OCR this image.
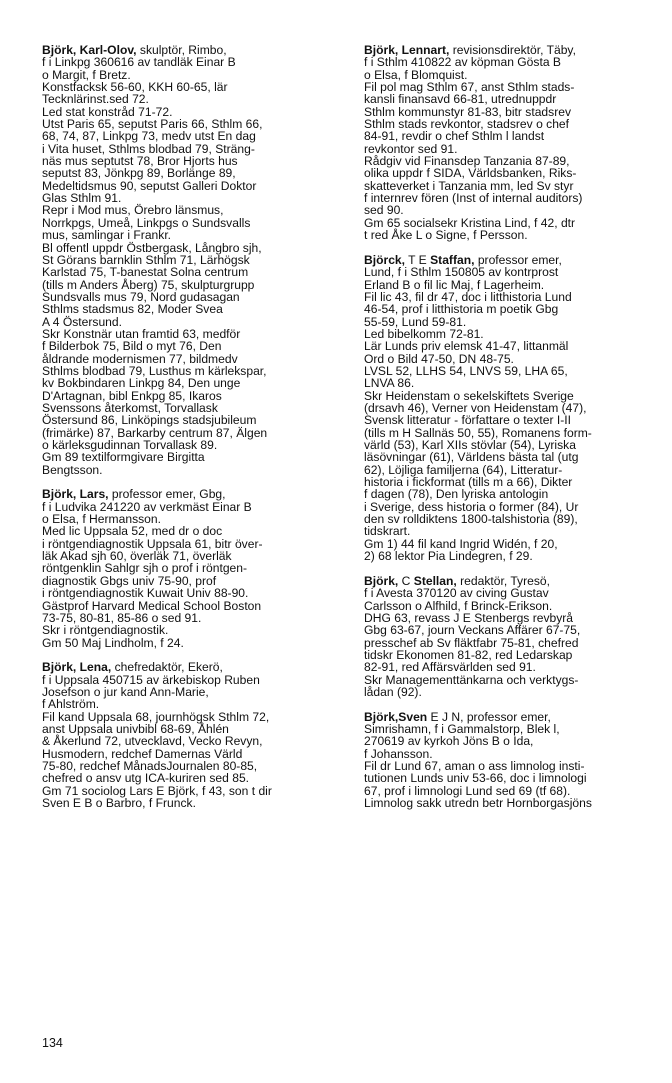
Björk, Karl-Olov, skulptör, Rimbo,
f i Linkpg 360616 av tandläk Einar B
o Margit, f Bretz.
Konstfacksk 56-60, KKH 60-65, lär
Tecknlärinst.sed 72.
Led stat konstråd 71-72.
Utst Paris 65, seputst Paris 66, Sthlm 66,
68, 74, 87, Linkpg 73, medv utst En dag
i Vita huset, Sthlms blodbad 79, Sträng-
näs mus septutst 78, Bror Hjorts hus
seputst 83, Jönkpg 89, Borlänge 89,
Medeltidsmus 90, seputst Galleri Doktor
Glas Sthlm 91.
Repr i Mod mus, Örebro länsmus,
Norrkpgs, Umeå, Linkpgs o Sundsvalls
mus, samlingar i Frankr.
Bl offentl uppdr Östbergask, Långbro sjh,
St Görans barnklin Sthlm 71, Lärhögsk
Karlstad 75, T-banestat Solna centrum
(tills m Anders Åberg) 75, skulpturgrupp
Sundsvalls mus 79, Nord gudasagan
Sthlms stadsmus 82, Moder Svea
A 4 Östersund.
Skr Konstnär utan framtid 63, medför
f Bilderbok 75, Bild o myt 76, Den
åldrande modernismen 77, bildmedv
Sthlms blodbad 79, Lusthus m kärlekspar,
kv Bokbindaren Linkpg 84, Den unge
D'Artagnan, bibl Enkpg 85, Ikaros
Svenssons återkomst, Torvallask
Östersund 86, Linköpings stadsjubileum
(frimärke) 87, Barkarby centrum 87, Älgen
o kärleksgudinnan Torvallask 89.
Gm 89 textilformgivare Birgitta
Bengtsson.
Björk, Lars, professor emer, Gbg,
f i Ludvika 241220 av verkmäst Einar B
o Elsa, f Hermansson.
Med lic Uppsala 52, med dr o doc
i röntgendiagnostik Uppsala 61, bitr över-
läk Akad sjh 60, överläk 71, överläk
röntgenklin Sahlgr sjh o prof i röntgen-
diagnostik Gbgs univ 75-90, prof
i röntgendiagnostik Kuwait Univ 88-90.
Gästprof Harvard Medical School Boston
73-75, 80-81, 85-86 o sed 91.
Skr i röntgendiagnostik.
Gm 50 Maj Lindholm, f 24.
Björk, Lena, chefredaktör, Ekerö,
f i Uppsala 450715 av ärkebiskop Ruben
Josefson o jur kand Ann-Marie,
f Ahlström.
Fil kand Uppsala 68, journhögsk Sthlm 72,
anst Uppsala univbibl 68-69, Åhlén
& Åkerlund 72, utvecklavd, Vecko Revyn,
Husmodern, redchef Damernas Värld
75-80, redchef MånadsJournalen 80-85,
chefred o ansv utg ICA-kuriren sed 85.
Gm 71 sociolog Lars E Björk, f 43, son t dir
Sven E B o Barbro, f Frunck.
Björk, Lennart, revisionsdirektör, Täby,
f i Sthlm 410822 av köpman Gösta B
o Elsa, f Blomquist.
Fil pol mag Sthlm 67, anst Sthlm stads-
kansli finansavd 66-81, utrednuppdr
Sthlm kommunstyr 81-83, bitr stadsrev
Sthlm stads revkontor, stadsrev o chef
84-91, revdir o chef Sthlm l landst
revkontor sed 91.
Rådgiv vid Finansdep Tanzania 87-89,
olika uppdr f SIDA, Världsbanken, Riks-
skatteverket i Tanzania mm, led Sv styr
f internrev fören (Inst of internal auditors)
sed 90.
Gm 65 socialsekr Kristina Lind, f 42, dtr
t red Åke L o Signe, f Persson.
Björck, T E Staffan, professor emer,
Lund, f i Sthlm 150805 av kontrprost
Erland B o fil lic Maj, f Lagerheim.
Fil lic 43, fil dr 47, doc i litthistoria Lund
46-54, prof i litthistoria m poetik Gbg
55-59, Lund 59-81.
Led bibelkomm 72-81.
Lär Lunds priv elemsk 41-47, littanmäl
Ord o Bild 47-50, DN 48-75.
LVSL 52, LLHS 54, LNVS 59, LHA 65,
LNVA 86.
Skr Heidenstam o sekelskiftets Sverige
(drsavh 46), Verner von Heidenstam (47),
Svensk litteratur - författare o texter I-II
(tills m H Sallnäs 50, 55), Romanens form-
värld (53), Karl XIIs stövlar (54), Lyriska
läsövningar (61), Världens bästa tal (utg
62), Löjliga familjerna (64), Litteratur-
historia i fickformat (tills m a 66), Dikter
f dagen (78), Den lyriska antologin
i Sverige, dess historia o former (84), Ur
den sv rolldiktens 1800-talshistoria (89),
tidskrart.
Gm 1) 44 fil kand Ingrid Widén, f 20,
2) 68 lektor Pia Lindegren, f 29.
Björk, C Stellan, redaktör, Tyresö,
f i Avesta 370120 av civing Gustav
Carlsson o Alfhild, f Brinck-Erikson.
DHG 63, revass J E Stenbergs revbyrå
Gbg 63-67, journ Veckans Affärer 67-75,
presschef ab Sv fläktfabr 75-81, chefred
tidskr Ekonomen 81-82, red Ledarskap
82-91, red Affärsvärlden sed 91.
Skr Managementtänkarna och verktygs-
lådan (92).
Björk,Sven E J N, professor emer,
Simrishamn, f i Gammalstorp, Blek l,
270619 av kyrkoh Jöns B o Ida,
f Johansson.
Fil dr Lund 67, aman o ass limnolog insti-
tutionen Lunds univ 53-66, doc i limnologi
67, prof i limnologi Lund sed 69 (tf 68).
Limnolog sakk utredn betr Hornborgasjöns
134
